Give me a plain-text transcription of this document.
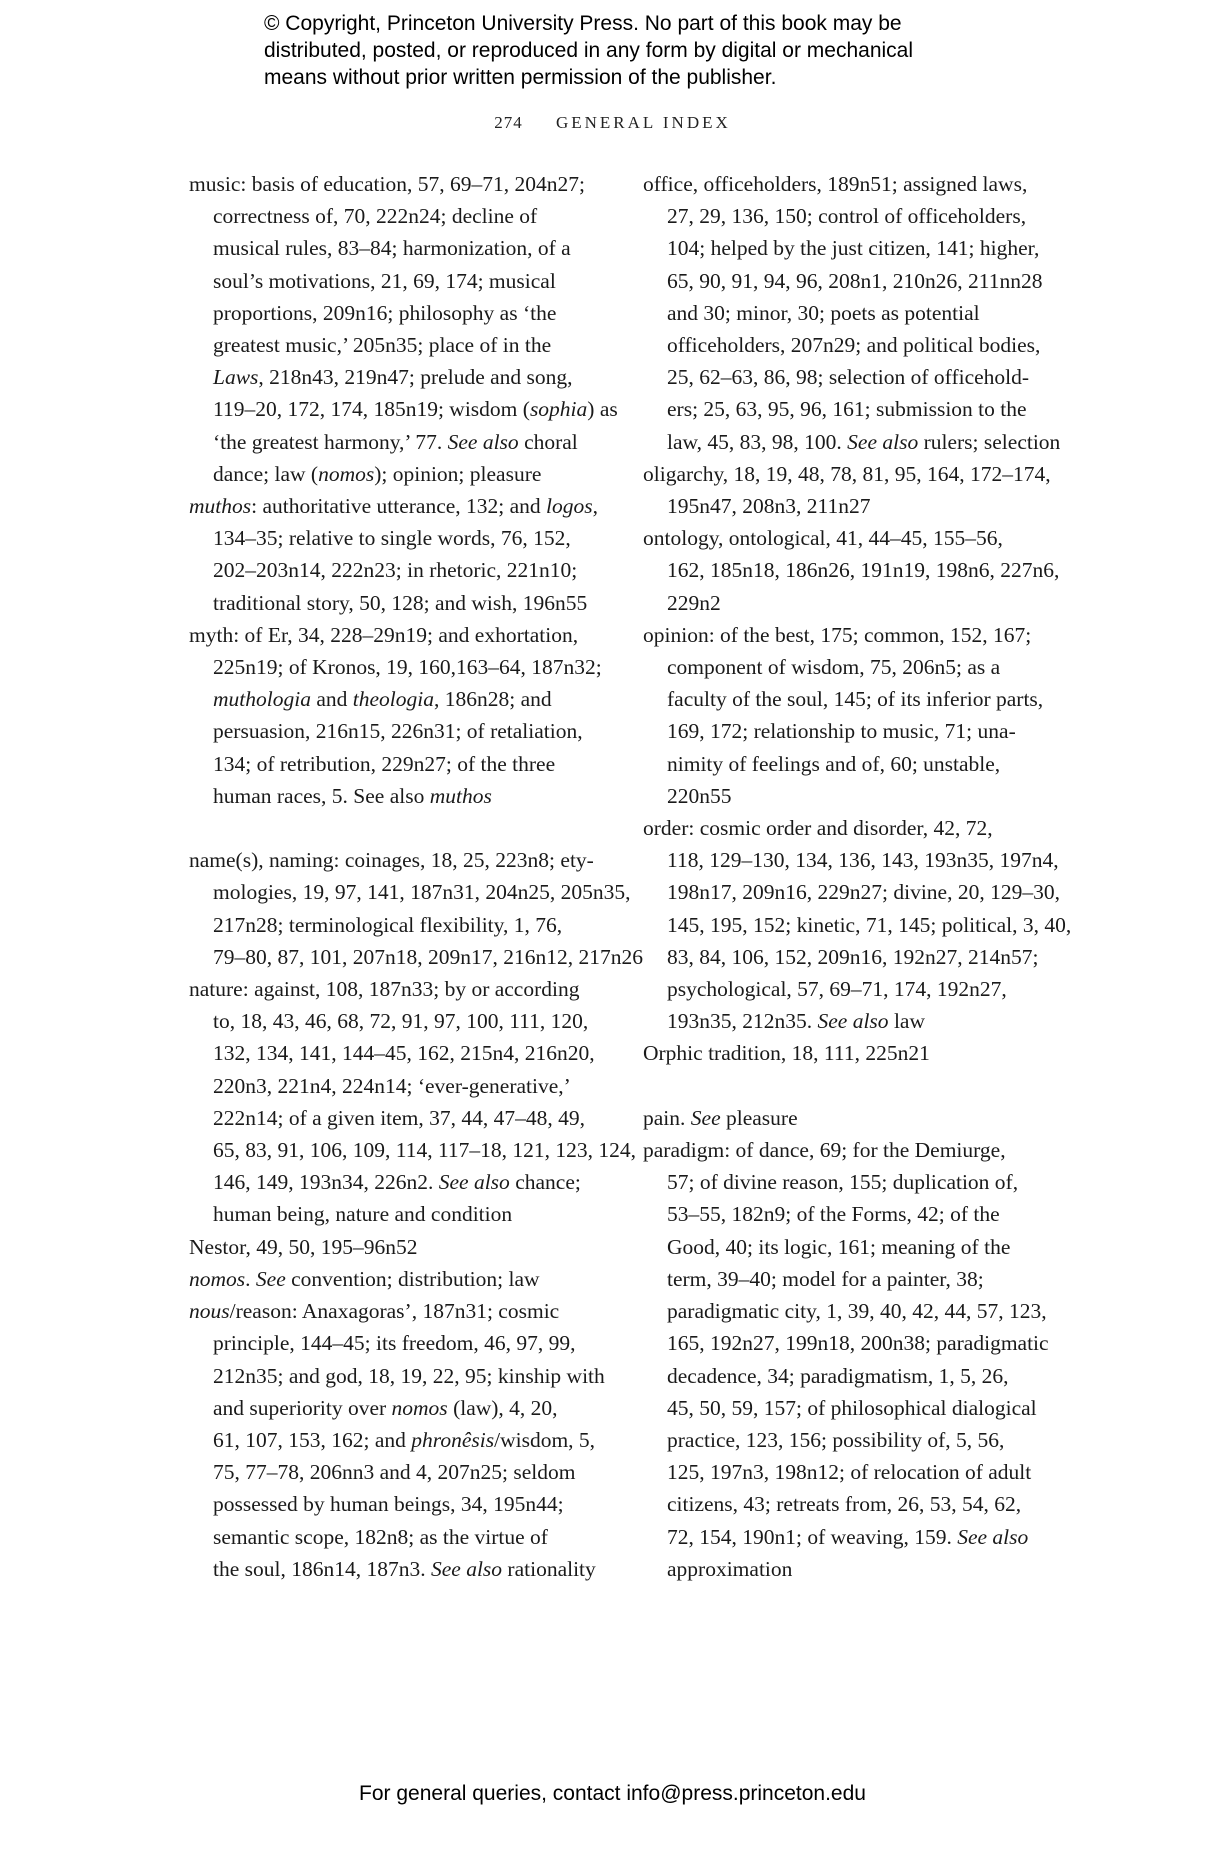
© Copyright, Princeton University Press. No part of this book may be
distributed, posted, or reproduced in any form by digital or mechanical
means without prior written permission of the publisher.
274 GENERAL INDEX
music: basis of education, 57, 69–71, 204n27;
correctness of, 70, 222n24; decline of
musical rules, 83–84; harmonization, of a
soul’s motivations, 21, 69, 174; musical
proportions, 209n16; philosophy as ‘the
greatest music,’ 205n35; place of in the
Laws, 218n43, 219n47; prelude and song,
119–20, 172, 174, 185n19; wisdom (sophia) as
‘the greatest harmony,’ 77. See also choral
dance; law (nomos); opinion; pleasure
muthos: authoritative utterance, 132; and logos,
134–35; relative to single words, 76, 152,
202–203n14, 222n23; in rhetoric, 221n10;
traditional story, 50, 128; and wish, 196n55
myth: of Er, 34, 228–29n19; and exhortation,
225n19; of Kronos, 19, 160,163–64, 187n32;
muthologia and theologia, 186n28; and
persuasion, 216n15, 226n31; of retaliation,
134; of retribution, 229n27; of the three
human races, 5. See also muthos
name(s), naming: coinages, 18, 25, 223n8; ety-
mologies, 19, 97, 141, 187n31, 204n25, 205n35,
217n28; terminological flexibility, 1, 76,
79–80, 87, 101, 207n18, 209n17, 216n12, 217n26
nature: against, 108, 187n33; by or according
to, 18, 43, 46, 68, 72, 91, 97, 100, 111, 120,
132, 134, 141, 144–45, 162, 215n4, 216n20,
220n3, 221n4, 224n14; ‘ever-generative,’
222n14; of a given item, 37, 44, 47–48, 49,
65, 83, 91, 106, 109, 114, 117–18, 121, 123, 124,
146, 149, 193n34, 226n2. See also chance;
human being, nature and condition
Nestor, 49, 50, 195–96n52
nomos. See convention; distribution; law
nous/reason: Anaxagoras’, 187n31; cosmic
principle, 144–45; its freedom, 46, 97, 99,
212n35; and god, 18, 19, 22, 95; kinship with
and superiority over nomos (law), 4, 20,
61, 107, 153, 162; and phronêsis/wisdom, 5,
75, 77–78, 206nn3 and 4, 207n25; seldom
possessed by human beings, 34, 195n44;
semantic scope, 182n8; as the virtue of
the soul, 186n14, 187n3. See also rationality
office, officeholders, 189n51; assigned laws,
27, 29, 136, 150; control of officeholders,
104; helped by the just citizen, 141; higher,
65, 90, 91, 94, 96, 208n1, 210n26, 211nn28
and 30; minor, 30; poets as potential
officeholders, 207n29; and political bodies,
25, 62–63, 86, 98; selection of officehold-
ers; 25, 63, 95, 96, 161; submission to the
law, 45, 83, 98, 100. See also rulers; selection
oligarchy, 18, 19, 48, 78, 81, 95, 164, 172–174,
195n47, 208n3, 211n27
ontology, ontological, 41, 44–45, 155–56,
162, 185n18, 186n26, 191n19, 198n6, 227n6,
229n2
opinion: of the best, 175; common, 152, 167;
component of wisdom, 75, 206n5; as a
faculty of the soul, 145; of its inferior parts,
169, 172; relationship to music, 71; una-
nimity of feelings and of, 60; unstable,
220n55
order: cosmic order and disorder, 42, 72,
118, 129–130, 134, 136, 143, 193n35, 197n4,
198n17, 209n16, 229n27; divine, 20, 129–30,
145, 195, 152; kinetic, 71, 145; political, 3, 40,
83, 84, 106, 152, 209n16, 192n27, 214n57;
psychological, 57, 69–71, 174, 192n27,
193n35, 212n35. See also law
Orphic tradition, 18, 111, 225n21
pain. See pleasure
paradigm: of dance, 69; for the Demiurge,
57; of divine reason, 155; duplication of,
53–55, 182n9; of the Forms, 42; of the
Good, 40; its logic, 161; meaning of the
term, 39–40; model for a painter, 38;
paradigmatic city, 1, 39, 40, 42, 44, 57, 123,
165, 192n27, 199n18, 200n38; paradigmatic
decadence, 34; paradigmatism, 1, 5, 26,
45, 50, 59, 157; of philosophical dialogical
practice, 123, 156; possibility of, 5, 56,
125, 197n3, 198n12; of relocation of adult
citizens, 43; retreats from, 26, 53, 54, 62,
72, 154, 190n1; of weaving, 159. See also
approximation
For general queries, contact info@press.princeton.edu
